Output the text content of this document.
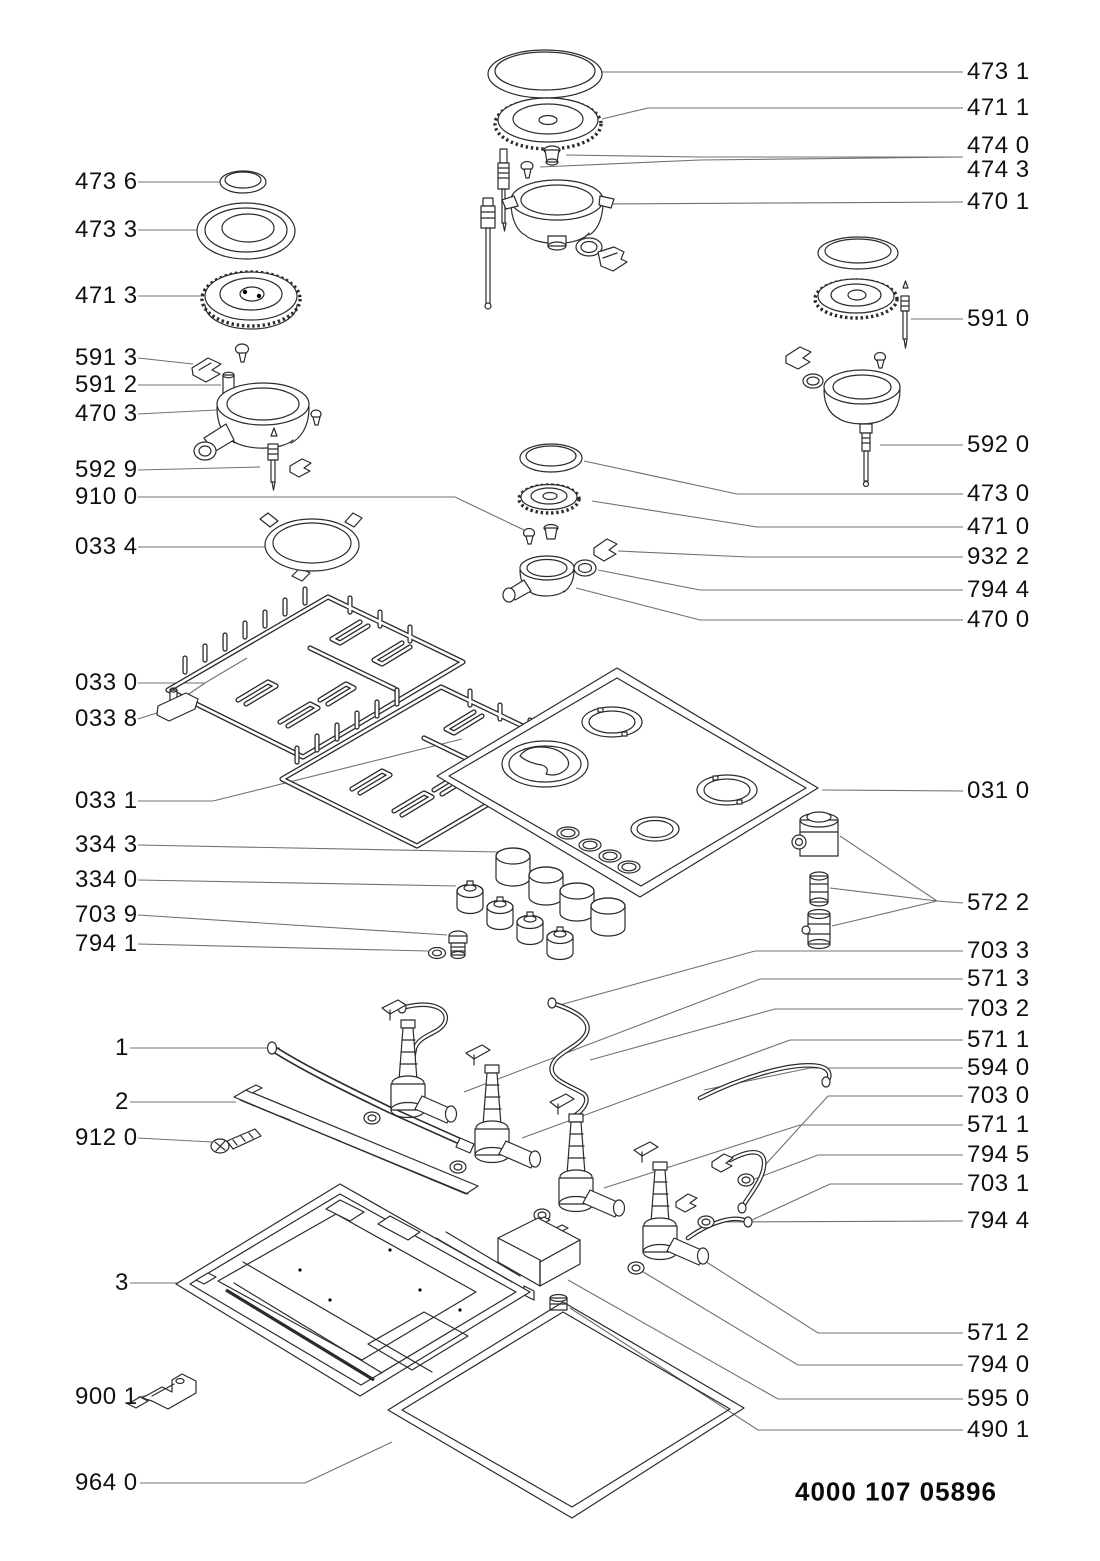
473 6
473 3
471 3
591 3
591 2
470 3
592 9
910 0
033 4
033 0
033 8
033 1
334 3
334 0
703 9
794 1
1
2
912 0
3
900 1
964 0
473 1
471 1
474 0
474 3
470 1
591 0
592 0
473 0
471 0
932 2
794 4
470 0
031 0
572 2
703 3
571 3
703 2
571 1
594 0
703 0
571 1
794 5
703 1
794 4
571 2
794 0
595 0
490 1
4000 107 05896
